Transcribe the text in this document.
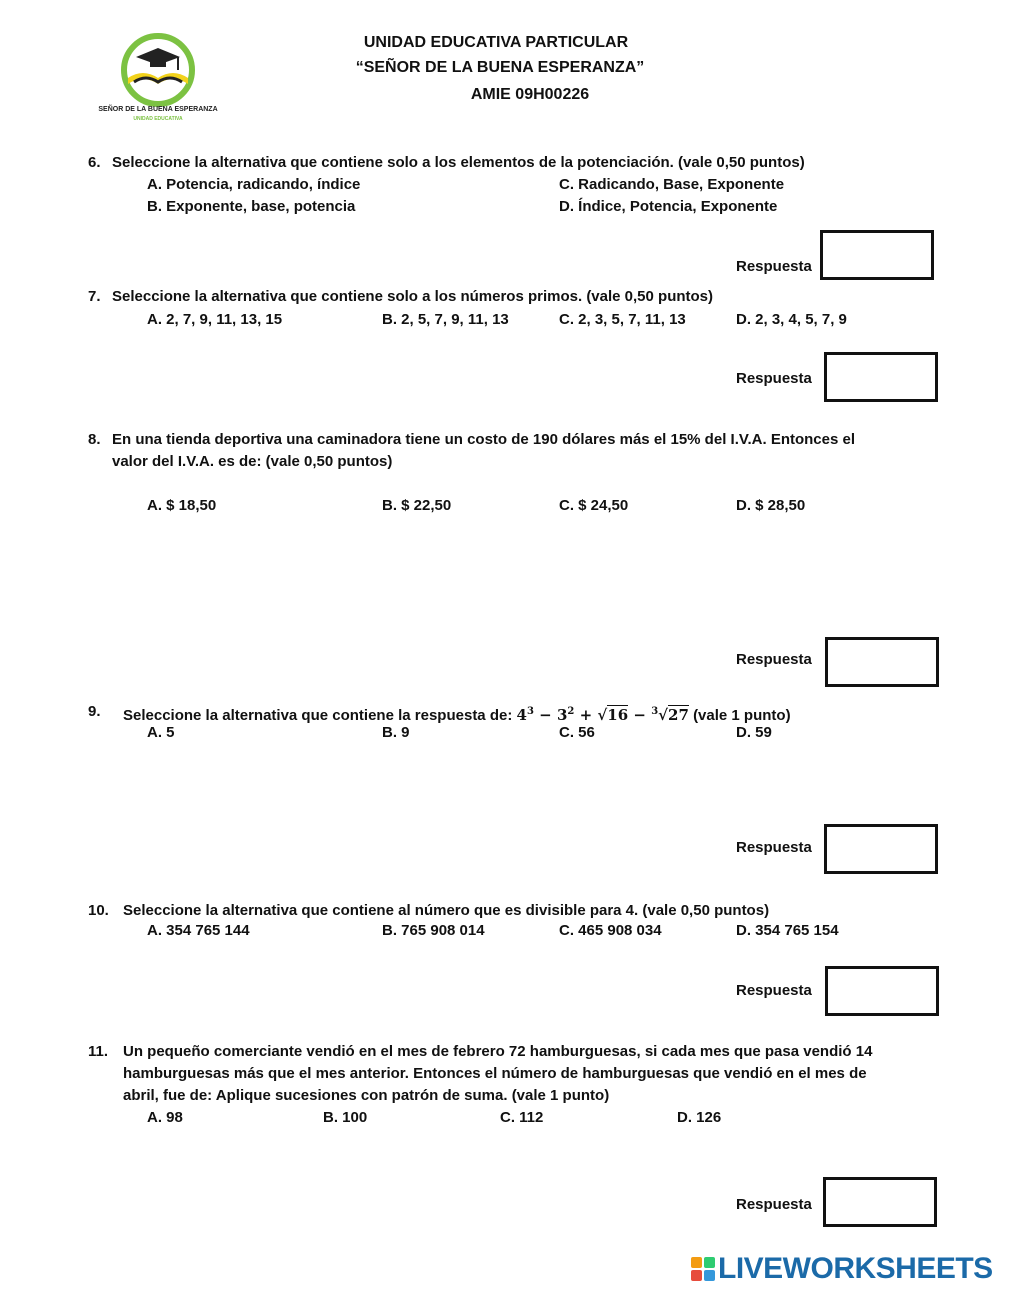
SEÑOR DE LA BUENA ESPERANZA
UNIDAD EDUCATIVA
UNIDAD EDUCATIVA PARTICULAR
“SEÑOR DE LA BUENA ESPERANZA”
AMIE 09H00226
6. Seleccione la alternativa que contiene solo a los elementos de la potenciación. (vale 0,50 puntos)
A. Potencia, radicando, índice	C. Radicando, Base, Exponente
B. Exponente, base, potencia	D. Índice, Potencia, Exponente
Respuesta
7. Seleccione la alternativa que contiene solo a los números primos. (vale 0,50 puntos)
A. 2, 7, 9, 11, 13, 15	B. 2, 5, 7, 9, 11, 13	C. 2, 3, 5, 7, 11, 13	D. 2, 3, 4, 5, 7, 9
Respuesta
8. En una tienda deportiva una caminadora tiene un costo de 190 dólares más el 15% del I.V.A. Entonces el
valor del I.V.A. es de: (vale 0,50 puntos)
A. $ 18,50	B. $ 22,50	C. $ 24,50	D. $ 28,50
Respuesta
9. Seleccione la alternativa que contiene la respuesta de: $4^3 - 3^2 + √16 - ^3√27$ (vale 1 punto)
A. 5	B. 9	C. 56	D. 59
Respuesta
10. Seleccione la alternativa que contiene al número que es divisible para 4. (vale 0,50 puntos)
A. 354 765 144	B. 765 908 014	C. 465 908 034	D. 354 765 154
Respuesta
11. Un pequeño comerciante vendió en el mes de febrero 72 hamburguesas, si cada mes que pasa vendió 14
hamburguesas más que el mes anterior. Entonces el número de hamburguesas que vendió en el mes de
abril, fue de: Aplique sucesiones con patrón de suma. (vale 1 punto)
A. 98	B. 100	C. 112	D. 126
Respuesta
LIVEWORKSHEETS
